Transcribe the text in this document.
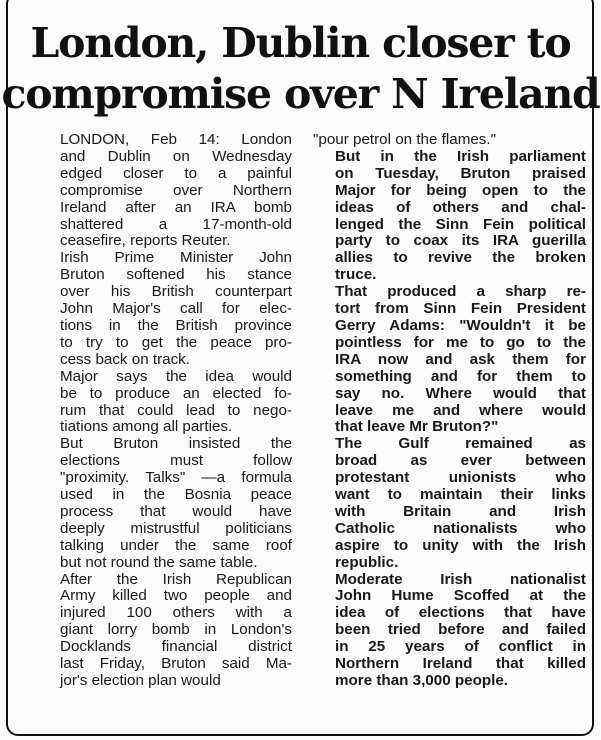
London, Dublin closer to
compromise over N Ireland

LONDON, Feb 14: London
and Dublin on Wednesday
edged closer to a painful
compromise over Northern
Ireland after an IRA bomb
shattered a 17-month-old
ceasefire, reports Reuter.

Irish Prime Minister John
Bruton softened his stance
over his British counterpart
John Major's call for elec-
tions in the British province
to try to get the peace pro-
cess back on track.

Major says the idea would
be to produce an elected fo-
rum that could lead to nego-
tiations among all parties.

But Bruton insisted the
elections must follow
"proximity. Talks" —a formula
used in the Bosnia peace
process that would have
deeply mistrustful politicians
talking under the same roof
but not round the same table.

After the Irish Republican
Army killed two people and
injured 100 others with a
giant lorry bomb in London's
Docklands financial district
last Friday, Bruton said Ma-
jor's election plan would

"pour petrol on the flames."

But in the Irish parliament
on Tuesday, Bruton praised
Major for being open to the
ideas of others and chal-
lenged the Sinn Fein political
party to coax its IRA guerilla
allies to revive the broken
truce.

That produced a sharp re-
tort from Sinn Fein President
Gerry Adams: "Wouldn't it be
pointless for me to go to the
IRA now and ask them for
something and for them to
say no. Where would that
leave me and where would
that leave Mr Bruton?"

The Gulf remained as
broad as ever between
protestant unionists who
want to maintain their links
with Britain and Irish
Catholic nationalists who
aspire to unity with the Irish
republic.

Moderate Irish nationalist
John Hume Scoffed at the
idea of elections that have
been tried before and failed
in 25 years of conflict in
Northern Ireland that killed
more than 3,000 people.
